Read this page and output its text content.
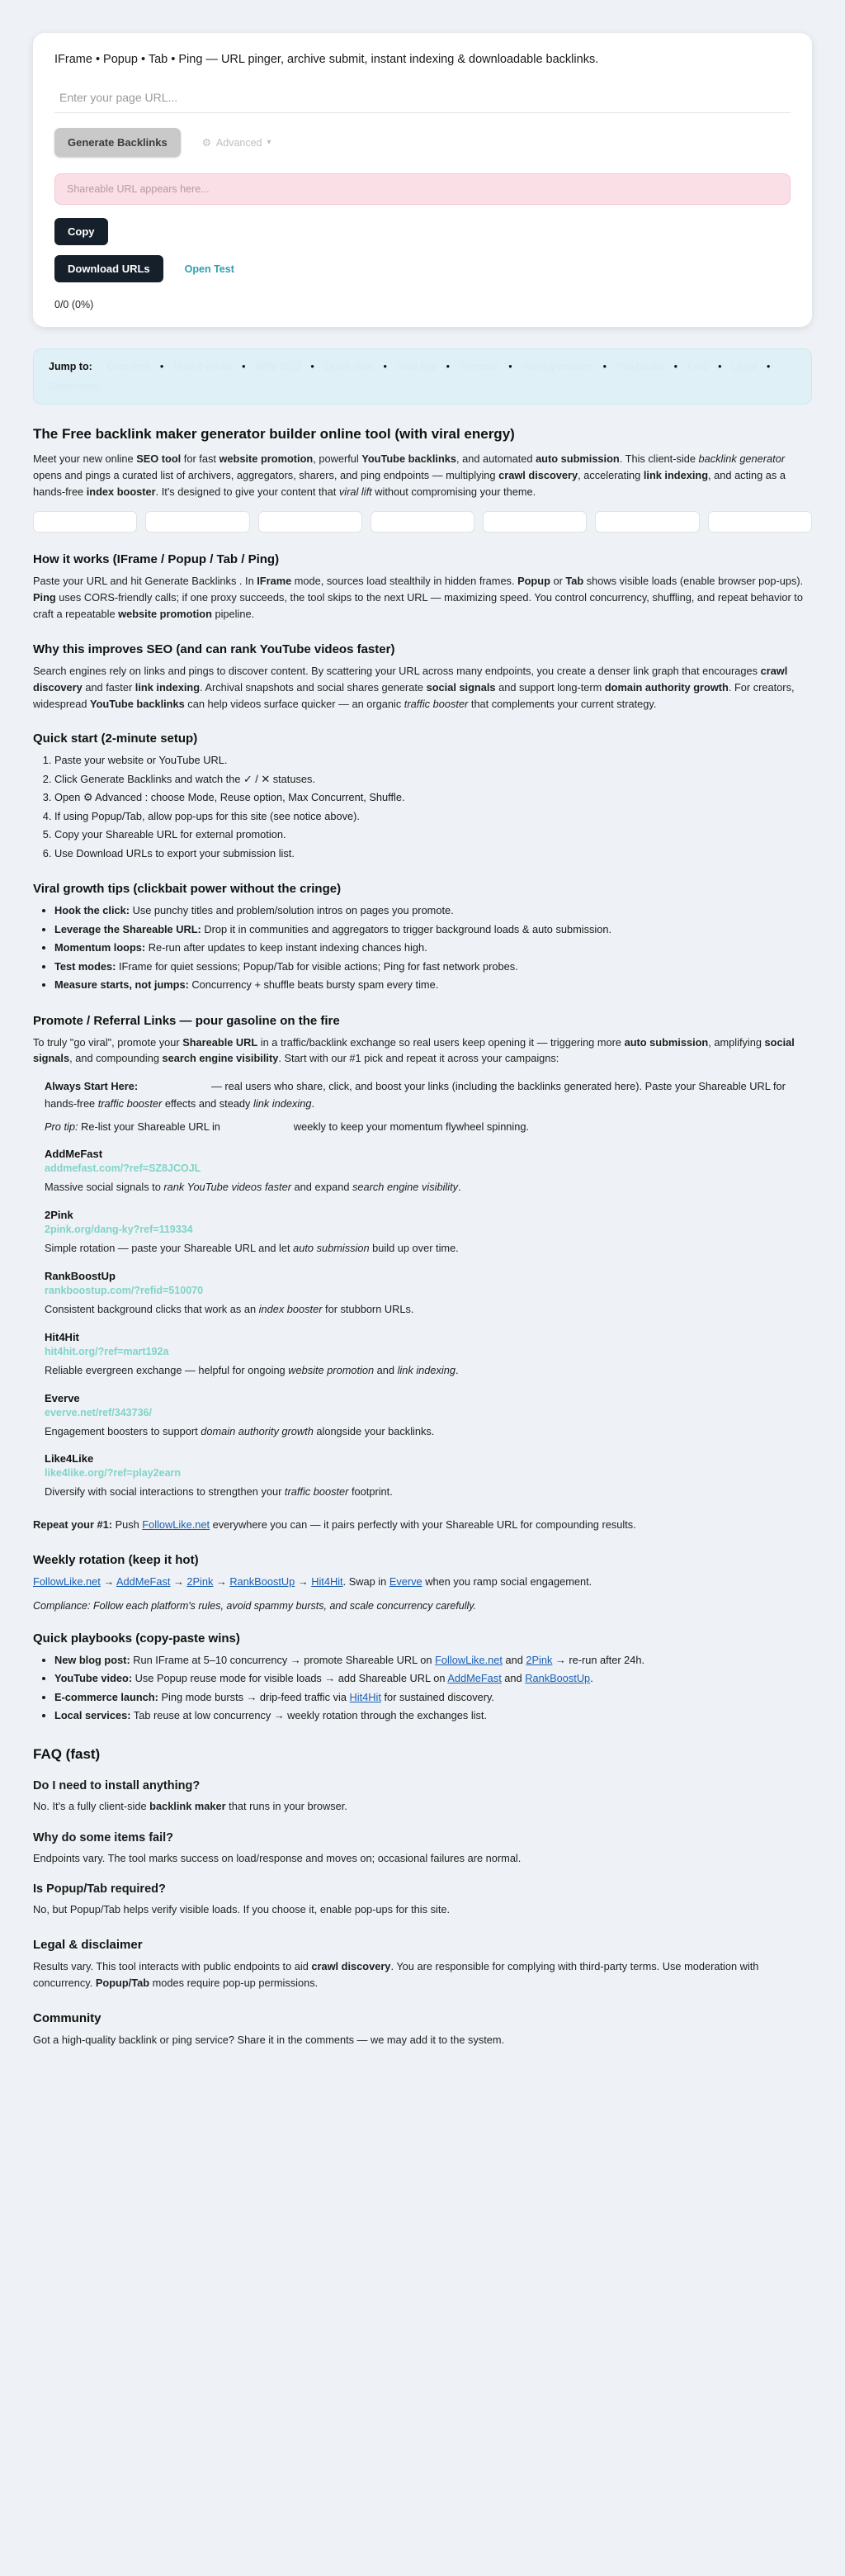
IFrame • Popup • Tab • Ping — URL pinger, archive submit, instant indexing & downloadable backlinks.
Enter your page URL...
Generate Backlinks	⚙ Advanced ▾
Shareable URL appears here...
Copy
Download URLs	Open Test
0/0 (0%)
Jump to: Overview • How it works • Why SEO • Quick start • Viral tips • Promote • Weekly rotation • Playbooks • FAQ • Legal •
Community
The Free backlink maker generator builder online tool (with viral energy)

Meet your new online SEO tool for fast website promotion, powerful YouTube backlinks, and automated auto submission. This client-side backlink generator opens and pings a curated list of archivers, aggregators, sharers, and ping endpoints — multiplying crawl discovery, accelerating link indexing, and acting as a hands-free index booster. It's designed to give your content that viral lift without compromising your theme.

How it works (IFrame / Popup / Tab / Ping)

Paste your URL and hit Generate Backlinks . In IFrame mode, sources load stealthily in hidden frames. Popup or Tab shows visible loads (enable browser pop-ups). Ping uses CORS-friendly calls; if one proxy succeeds, the tool skips to the next URL — maximizing speed. You control concurrency, shuffling, and repeat behavior to craft a repeatable website promotion pipeline.

Why this improves SEO (and can rank YouTube videos faster)

Search engines rely on links and pings to discover content. By scattering your URL across many endpoints, you create a denser link graph that encourages crawl discovery and faster link indexing. Archival snapshots and social shares generate social signals and support long-term domain authority growth. For creators, widespread YouTube backlinks can help videos surface quicker — an organic traffic booster that complements your current strategy.

Quick start (2-minute setup)
1. Paste your website or YouTube URL.
2. Click Generate Backlinks and watch the ✓ / ✕ statuses.
3. Open ⚙ Advanced : choose Mode, Reuse option, Max Concurrent, Shuffle.
4. If using Popup/Tab, allow pop-ups for this site (see notice above).
5. Copy your Shareable URL for external promotion.
6. Use Download URLs to export your submission list.
Viral growth tips (clickbait power without the cringe)
• Hook the click: Use punchy titles and problem/solution intros on pages you promote.
• Leverage the Shareable URL: Drop it in communities and aggregators to trigger background loads & auto submission.
• Momentum loops: Re-run after updates to keep instant indexing chances high.
• Test modes: IFrame for quiet sessions; Popup/Tab for visible actions; Ping for fast network probes.
• Measure starts, not jumps: Concurrency + shuffle beats bursty spam every time.
Promote / Referral Links — pour gasoline on the fire

To truly "go viral", promote your Shareable URL in a traffic/backlink exchange so real users keep opening it — triggering more auto submission, amplifying social signals, and compounding search engine visibility. Start with our #1 pick and repeat it across your campaigns:

Always Start Here:	— real users who share, click, and boost your links (including the backlinks generated here). Paste your Shareable URL for hands-free traffic booster effects and steady link indexing.
Pro tip: Re-list your Shareable URL in	weekly to keep your momentum flywheel spinning.
AddMeFast
addmefast.com/?ref=SZ8JCOJL

Massive social signals to rank YouTube videos faster and expand search engine visibility.

2Pink
2pink.org/dang-ky?ref=119334

Simple rotation — paste your Shareable URL and let auto submission build up over time.

RankBoostUp
rankboostup.com/?refid=510070

Consistent background clicks that work as an index booster for stubborn URLs.

Hit4Hit
hit4hit.org/?ref=mart192a

Reliable evergreen exchange — helpful for ongoing website promotion and link indexing.

Everve
everve.net/ref/343736/

Engagement boosters to support domain authority growth alongside your backlinks.

Like4Like
like4like.org/?ref=play2earn

Diversify with social interactions to strengthen your traffic booster footprint.

Repeat your #1: Push FollowLike.net everywhere you can — it pairs perfectly with your Shareable URL for compounding results.

Weekly rotation (keep it hot)

FollowLike.net → AddMeFast → 2Pink → RankBoostUp → Hit4Hit. Swap in Everve when you ramp social engagement.

Compliance: Follow each platform's rules, avoid spammy bursts, and scale concurrency carefully.
Quick playbooks (copy-paste wins)
• New blog post: Run IFrame at 5–10 concurrency → promote Shareable URL on FollowLike.net and 2Pink → re-run after 24h.
• YouTube video: Use Popup reuse mode for visible loads → add Shareable URL on AddMeFast and RankBoostUp.
• E-commerce launch: Ping mode bursts → drip-feed traffic via Hit4Hit for sustained discovery.
• Local services: Tab reuse at low concurrency → weekly rotation through the exchanges list.
FAQ (fast)
Do I need to install anything?

No. It's a fully client-side backlink maker that runs in your browser.

Why do some items fail?

Endpoints vary. The tool marks success on load/response and moves on; occasional failures are normal.

Is Popup/Tab required?

No, but Popup/Tab helps verify visible loads. If you choose it, enable pop-ups for this site.

Legal & disclaimer

Results vary. This tool interacts with public endpoints to aid crawl discovery. You are responsible for complying with third-party terms. Use moderation with concurrency. Popup/Tab modes require pop-up permissions.

Community

Got a high-quality backlink or ping service? Share it in the comments — we may add it to the system.
